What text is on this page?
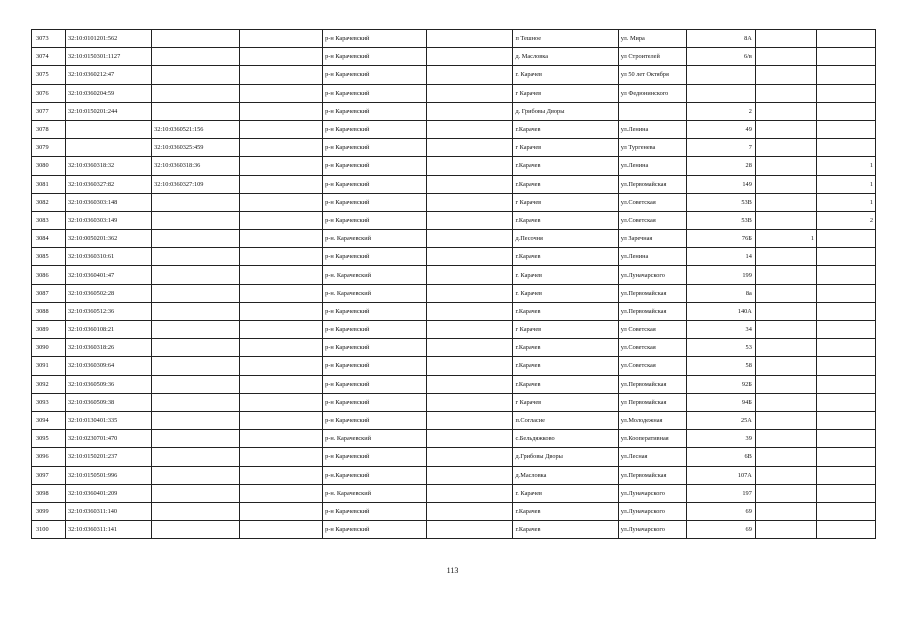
3073	32:10:0101201:562			р-н Карачевский		п Тешное	ул. Мира	8А		
3074	32:10:0150301:1127			р-н Карачевский		д. Масловка	ул Строителей	6/в		
3075	32:10:0360212:47			р-н Карачевский		г. Карачев	ул 50 лет Октября			
3076	32:10:0360204:59			р-н Карачевский		г Карачев	ул Федюнинского			
3077	32:10:0150201:244			р-н Карачевский		д. Грибовы Дворы		2		
3078		32:10:0360521:156		р-н Карачевский		г.Карачев	ул.Ленина	49		
3079		32:10:0360325:459		р-н Карачевский		г Карачев	ул Тургенева	7		
3080	32:10:0360318:32	32:10:0360318:36		р-н Карачевский		г.Карачев	ул.Ленина	28		1
3081	32:10:0360327:82	32:10:0360327:109		р-н Карачевский		г.Карачев	ул.Первомайская	149		1
3082	32:10:0360303:148			р-н Карачевский		г Карачев	ул.Советская	53В		1
3083	32:10:0360303:149			р-н Карачевский		г.Карачев	ул.Советская	53В		2
3084	32:10:0050201:362			р-н. Карачевский		д.Песочня	ул Заречная	76Б	1	
3085	32:10:0360310:61			р-н Карачевский		г.Карачев	ул.Ленина	14		
3086	32:10:0360401:47			р-н. Карачевский		г. Карачев	ул.Луначарского	199		
3087	32:10:0360502:28			р-н. Карачевский		г. Карачев	ул.Первомайская	8а		
3088	32:10:0360512:36			р-н Карачевский		г.Карачев	ул.Первомайская	140А		
3089	32:10:0360108:21			р-н Карачевский		г Карачев	ул Советская	34		
3090	32:10:0360318:26			р-н Карачевский		г.Карачев	ул.Советская	53		
3091	32:10:0360309:64			р-н Карачевский		г.Карачев	ул.Советская	58		
3092	32:10:0360509:36			р-н Карачевский		г.Карачев	ул.Первомайская	92Б		
3093	32:10:0360509:38			р-н Карачевский		г Карачев	ул Первомайская	94Б		
3094	32:10:0130401:335			р-н Карачевский		п.Согласие	ул.Молодежная	25А		
3095	32:10:0230701:470			р-н. Карачевский		с.Бельдяжково	ул.Кооперативная	39		
3096	32:10:0150201:237			р-н Карачевский		д.Грибовы Дворы	ул.Лесная	6В		
3097	32:10:0150501:996			р-н.Карачевский		д.Масловка	ул.Первомайская	107А		
3098	32:10:0360401:209			р-н. Карачевский		г. Карачев	ул.Луначарского	197		
3099	32:10:0360311:140			р-н Карачевский		г.Карачев	ул.Луначарского	69		
3100	32:10:0360311:141			р-н Карачевский		г.Карачев	ул.Луначарского	69		
113
